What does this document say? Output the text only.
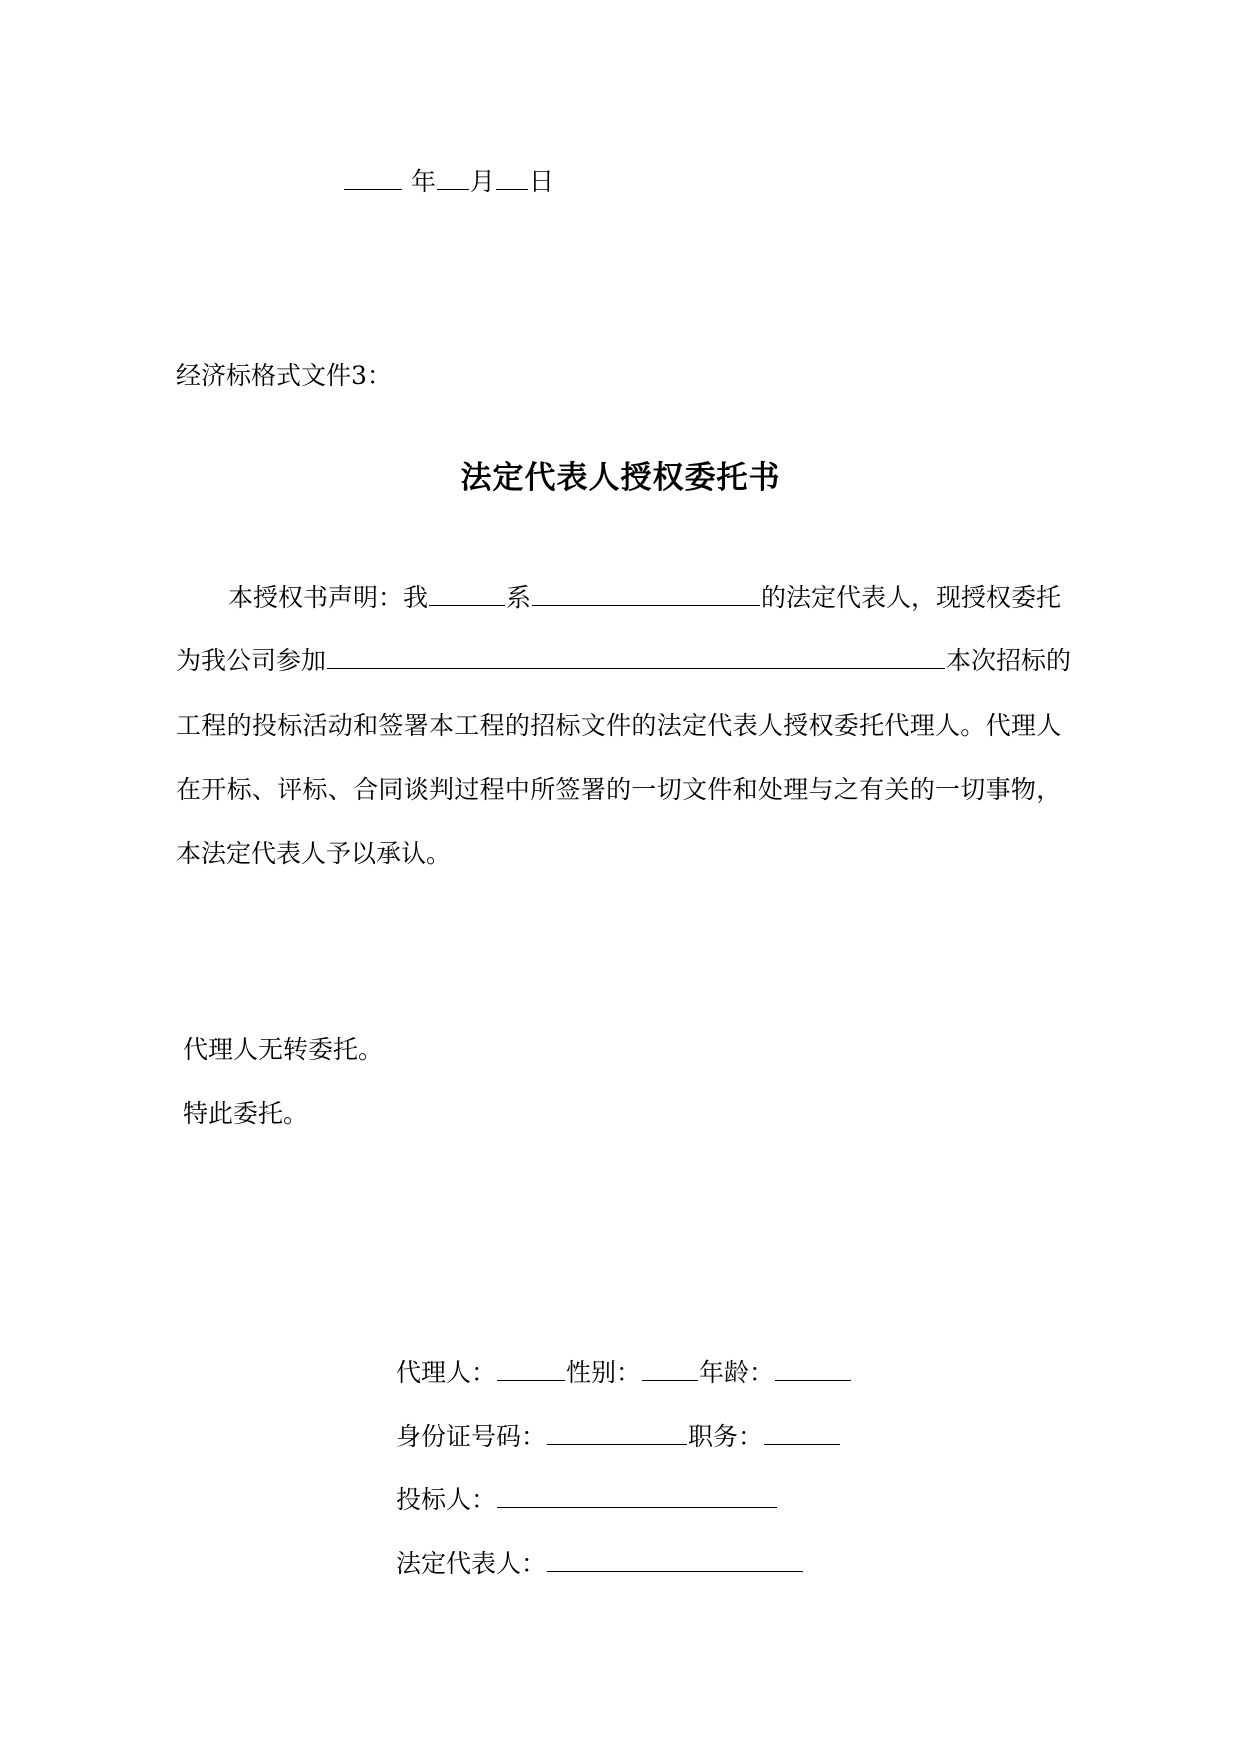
年 月 日
经济标格式文件3：
法定代表人授权委托书
本授权书声明：我	系	的法定代表人，现授权委托
为我公司参加	本次招标的
工程的投标活动和签署本工程的招标文件的法定代表人授权委托代理人。代理人
在开标、评标、合同谈判过程中所签署的一切文件和处理与之有关的一切事物，
本法定代表人予以承认。
代理人无转委托。
特此委托。
代理人：	性别： 年龄：
身份证号码：	职务：
投标人：
法定代表人：
